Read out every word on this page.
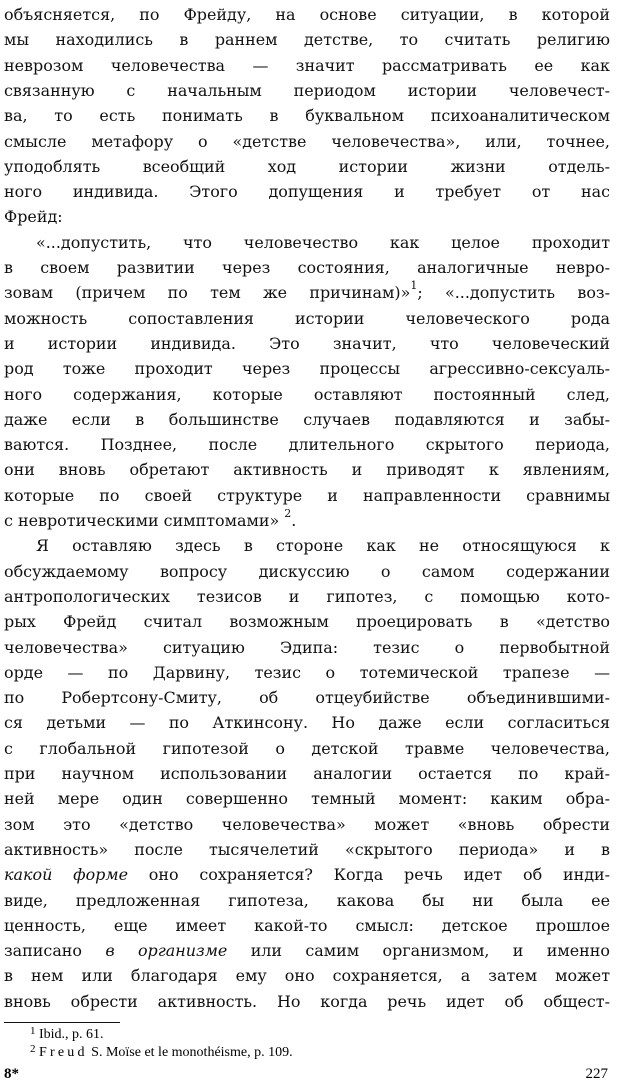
объясняется, по Фрейду, на основе ситуации, в которой
мы находились в раннем детстве, то считать религию
неврозом человечества — значит рассматривать ее как
связанную с начальным периодом истории человечест-
ва, то есть понимать в буквальном психоаналитическом
смысле метафору о «детстве человечества», или, точнее,
уподоблять всеобщий ход истории жизни отдель-
ного индивида. Этого допущения и требует от нас
Фрейд:
«...допустить, что человечество как целое проходит
в своем развитии через состояния, аналогичные невро-
зовам (причем по тем же причинам)»$^1$; «...допустить воз-
можность сопоставления истории человеческого рода
и истории индивида. Это значит, что человеческий
род тоже проходит через процессы агрессивно-сексуаль-
ного содержания, которые оставляют постоянный след,
даже если в большинстве случаев подавляются и забы-
ваются. Позднее, после длительного скрытого периода,
они вновь обретают активность и приводят к явлениям,
которые по своей структуре и направленности сравнимы
с невротическими симптомами» $^2$.
Я оставляю здесь в стороне как не относящуюся к
обсуждаемому вопросу дискуссию о самом содержании
антропологических тезисов и гипотез, с помощью кото-
рых Фрейд считал возможным проецировать в «детство
человечества» ситуацию Эдипа: тезис о первобытной
орде — по Дарвину, тезис о тотемической трапезе —
по Робертсону-Смиту, об отцеубийстве объединившими-
ся детьми — по Аткинсону. Но даже если согласиться
с глобальной гипотезой о детской травме человечества,
при научном использовании аналогии остается по край-
ней мере один совершенно темный момент: каким обра-
зом это «детство человечества» может «вновь обрести
активность» после тысячелетий «скрытого периода» и в
какой форме оно сохраняется? Когда речь идет об инди-
виде, предложенная гипотеза, какова бы ни была ее
ценность, еще имеет какой-то смысл: детское прошлое
записано в организме или самим организмом, и именно
в нем или благодаря ему оно сохраняется, а затем может
вновь обрести активность. Но когда речь идет об общест-
$^1$ Ibid., p. 61.
$^2$ Freud S. Moïse et le monothéisme, p. 109.
8*	227
